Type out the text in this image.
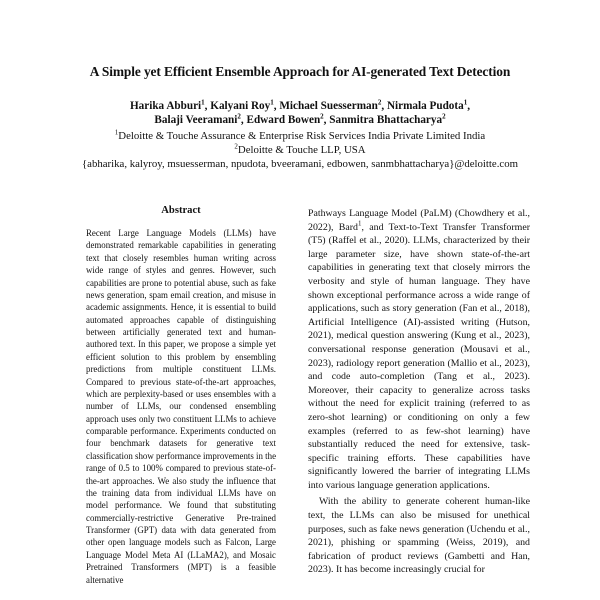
A Simple yet Efficient Ensemble Approach for AI-generated Text Detection
Harika Abburi$^1$, Kalyani Roy$^1$, Michael Suesserman$^2$, Nirmala Pudota$^1$,
Balaji Veeramani$^2$, Edward Bowen$^2$, Sanmitra Bhattacharya$^2$
$^1$Deloitte & Touche Assurance & Enterprise Risk Services India Private Limited India
$^2$Deloitte & Touche LLP, USA
{abharika, kalyroy, msuesserman, npudota, bveeramani, edbowen, sanmbhattacharya}@deloitte.com
Abstract

Recent Large Language Models (LLMs) have demonstrated remarkable capabilities in generating text that closely resembles human writing across wide range of styles and genres. However, such capabilities are prone to potential abuse, such as fake news generation, spam email creation, and misuse in academic assignments. Hence, it is essential to build automated approaches capable of distinguishing between artificially generated text and human-authored text. In this paper, we propose a simple yet efficient solution to this problem by ensembling predictions from multiple constituent LLMs. Compared to previous state-of-the-art approaches, which are perplexity-based or uses ensembles with a number of LLMs, our condensed ensembling approach uses only two constituent LLMs to achieve comparable performance. Experiments conducted on four benchmark datasets for generative text classification show performance improvements in the range of 0.5 to 100% compared to previous state-of-the-art approaches. We also study the influence that the training data from individual LLMs have on model performance. We found that substituting commercially-restrictive Generative Pre-trained Transformer (GPT) data with data generated from other open language models such as Falcon, Large Language Model Meta AI (LLaMA2), and Mosaic Pretrained Transformers (MPT) is a feasible alternative

Pathways Language Model (PaLM) (Chowdhery et al., 2022), Bard$^1$, and Text-to-Text Transfer Transformer (T5) (Raffel et al., 2020). LLMs, characterized by their large parameter size, have shown state-of-the-art capabilities in generating text that closely mirrors the verbosity and style of human language. They have shown exceptional performance across a wide range of applications, such as story generation (Fan et al., 2018), Artificial Intelligence (AI)-assisted writing (Hutson, 2021), medical question answering (Kung et al., 2023), conversational response generation (Mousavi et al., 2023), radiology report generation (Mallio et al., 2023), and code auto-completion (Tang et al., 2023). Moreover, their capacity to generalize across tasks without the need for explicit training (referred to as zero-shot learning) or conditioning on only a few examples (referred to as few-shot learning) have substantially reduced the need for extensive, task-specific training efforts. These capabilities have significantly lowered the barrier of integrating LLMs into various language generation applications.

With the ability to generate coherent human-like text, the LLMs can also be misused for unethical purposes, such as fake news generation (Uchendu et al., 2021), phishing or spamming (Weiss, 2019), and fabrication of product reviews (Gambetti and Han, 2023). It has become increasingly crucial for
